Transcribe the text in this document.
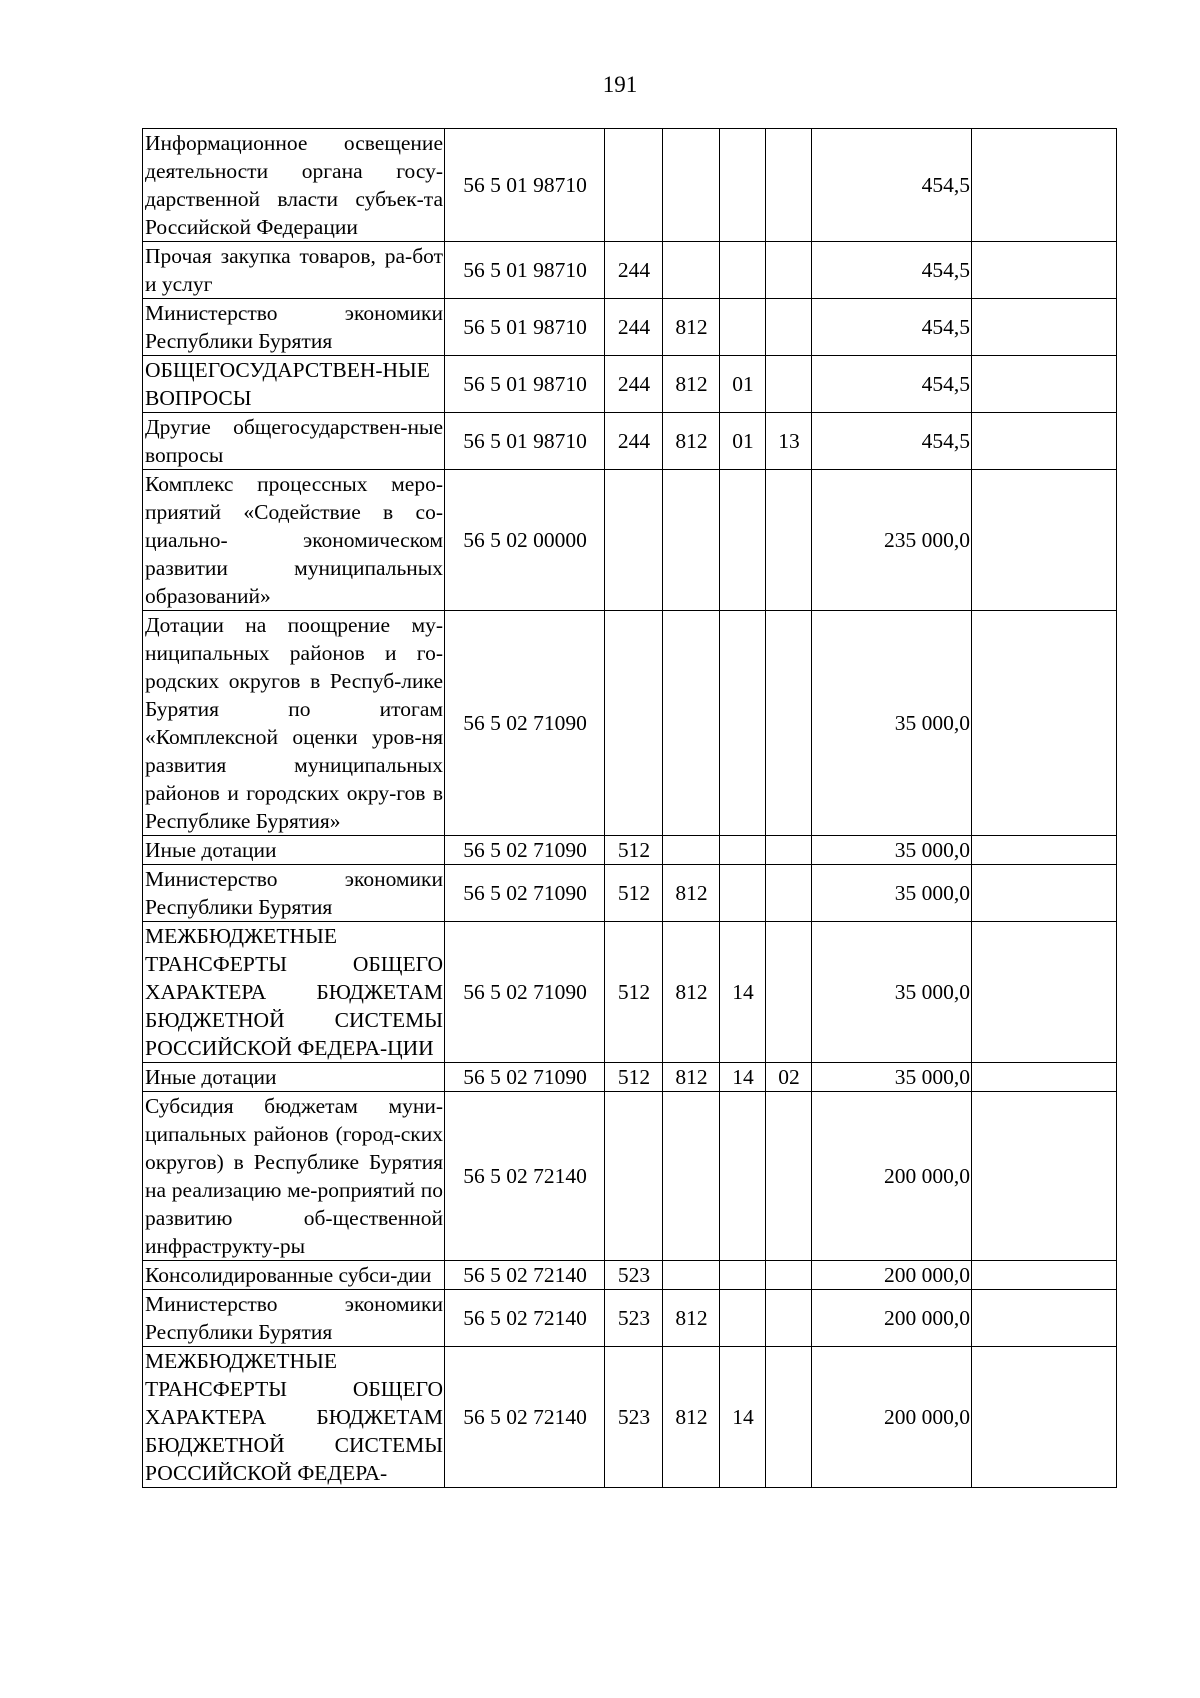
191
Информационное освещение деятельности органа госу-дарственной власти субъек-та Российской Федерации	56 5 01 98710					454,5	
Прочая закупка товаров, ра-бот и услуг	56 5 01 98710	244				454,5	
Министерство экономики Республики Бурятия	56 5 01 98710	244	812			454,5	
ОБЩЕГОСУДАРСТВЕН-НЫЕ ВОПРОСЫ	56 5 01 98710	244	812	01		454,5	
Другие общегосударствен-ные вопросы	56 5 01 98710	244	812	01	13	454,5	
Комплекс процессных меро-приятий «Содействие в со-циально- экономическом развитии муниципальных образований»	56 5 02 00000					235 000,0	
Дотации на поощрение му-ниципальных районов и го-родских округов в Респуб-лике Бурятия по итогам «Комплексной оценки уров-ня развития муниципальных районов и городских окру-гов в Республике Бурятия»	56 5 02 71090					35 000,0	
Иные дотации	56 5 02 71090	512				35 000,0	
Министерство экономики Республики Бурятия	56 5 02 71090	512	812			35 000,0	
МЕЖБЮДЖЕТНЫЕ ТРАНСФЕРТЫ ОБЩЕГО ХАРАКТЕРА БЮДЖЕТАМ БЮДЖЕТНОЙ СИСТЕМЫ РОССИЙСКОЙ ФЕДЕРА-ЦИИ	56 5 02 71090	512	812	14		35 000,0	
Иные дотации	56 5 02 71090	512	812	14	02	35 000,0	
Субсидия бюджетам муни-ципальных районов (город-ских округов) в Республике Бурятия на реализацию ме-роприятий по развитию об-щественной инфраструкту-ры	56 5 02 72140					200 000,0	
Консолидированные субси-дии	56 5 02 72140	523				200 000,0	
Министерство экономики Республики Бурятия	56 5 02 72140	523	812			200 000,0	
МЕЖБЮДЖЕТНЫЕ ТРАНСФЕРТЫ ОБЩЕГО ХАРАКТЕРА БЮДЖЕТАМ БЮДЖЕТНОЙ СИСТЕМЫ РОССИЙСКОЙ ФЕДЕРА-	56 5 02 72140	523	812	14		200 000,0	
